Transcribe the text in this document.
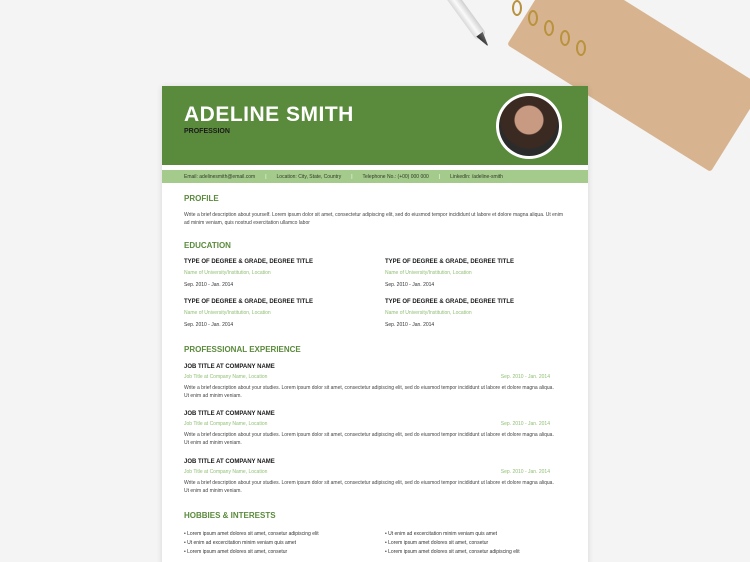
ADELINE SMITH
PROFESSION
Email: adelinesmith@email.com | Location: City, State, Country | Telephone No.: (+00) 000 000 | LinkedIn: /adeline-smith
PROFILE
Write a brief description about yourself. Lorem ipsum dolor sit amet, consectetur adipiscing elit, sed do eiusmod tempor incididunt ut labore et dolore magna aliqua. Ut enim ad minim veniam, quis nostrud exercitation ullamco labor
EDUCATION
TYPE OF DEGREE & GRADE, DEGREE TITLE
Name of University/Institution, Location
Sep. 2010 - Jan. 2014
TYPE OF DEGREE & GRADE, DEGREE TITLE
Name of University/Institution, Location
Sep. 2010 - Jan. 2014
TYPE OF DEGREE & GRADE, DEGREE TITLE
Name of University/Institution, Location
Sep. 2010 - Jan. 2014
TYPE OF DEGREE & GRADE, DEGREE TITLE
Name of University/Institution, Location
Sep. 2010 - Jan. 2014
PROFESSIONAL EXPERIENCE
JOB TITLE AT COMPANY NAME
Job Title at Company Name, Location	Sep. 2010 - Jan. 2014
Write a brief description about your studies. Lorem ipsum dolor sit amet, consectetur adipiscing elit, sed do eiusmod tempor incididunt ut labore et dolore magna aliqua. Ut enim ad minim veniam.
JOB TITLE AT COMPANY NAME
Job Title at Company Name, Location	Sep. 2010 - Jan. 2014
Write a brief description about your studies. Lorem ipsum dolor sit amet, consectetur adipiscing elit, sed do eiusmod tempor incididunt ut labore et dolore magna aliqua. Ut enim ad minim veniam.
JOB TITLE AT COMPANY NAME
Job Title at Company Name, Location	Sep. 2010 - Jan. 2014
Write a brief description about your studies. Lorem ipsum dolor sit amet, consectetur adipiscing elit, sed do eiusmod tempor incididunt ut labore et dolore magna aliqua. Ut enim ad minim veniam.
HOBBIES & INTERESTS
• Lorem ipsum amet dolores sit amet, consetur adipiscing elit
• Ut enim ad excercitation minim veniam quis amet
• Lorem ipsum amet dolores sit amet, consetur
• Ut enim ad excercitation minim veniam quis amet
• Lorem ipsum amet dolores sit amet, consetur
• Lorem ipsum amet dolores sit amet, consetur adipiscing elit
